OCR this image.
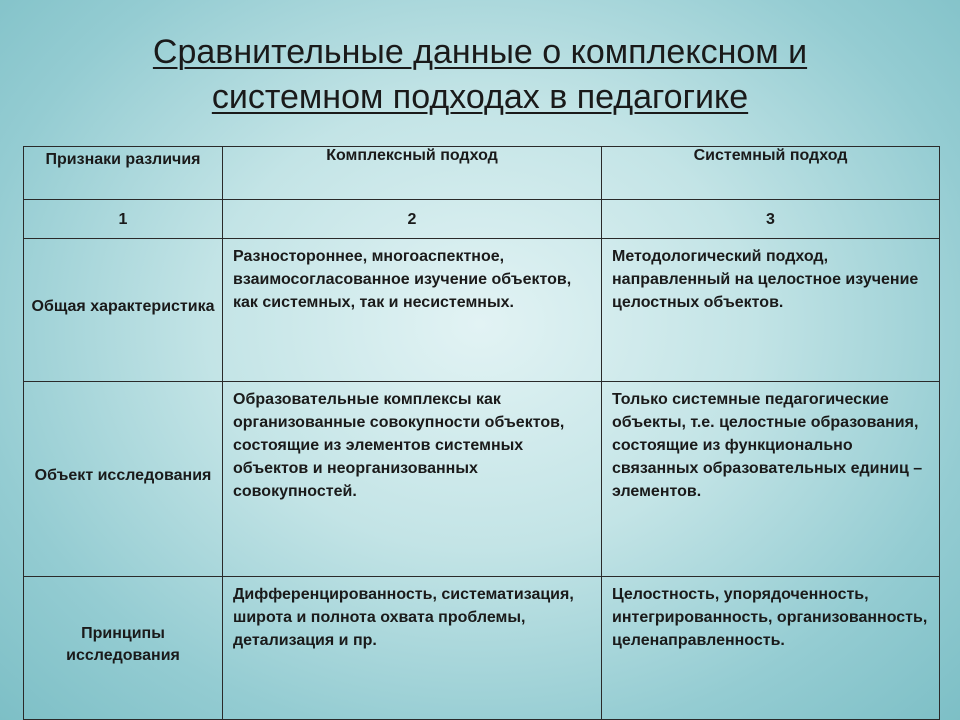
Сравнительные данные о комплексном и
системном подходах в педагогике
Признаки различия	Комплексный подход	Системный подход
1	2	3
Общая характеристика	Разностороннее, многоаспектное, взаимосогласованное изучение объектов, как системных, так и несистемных.	Методологический подход, направленный на целостное изучение целостных объектов.
Объект исследования	Образовательные комплексы как организованные совокупности объектов, состоящие из элементов системных объектов и неорганизованных совокупностей.	Только системные педагогические объекты, т.е. целостные образования, состоящие из функционально связанных образовательных единиц – элементов.
Принципы исследования	Дифференцированность, систематизация, широта и полнота охвата проблемы, детализация и пр.	Целостность, упорядоченность, интегрированность, организованность, целенаправленность.
